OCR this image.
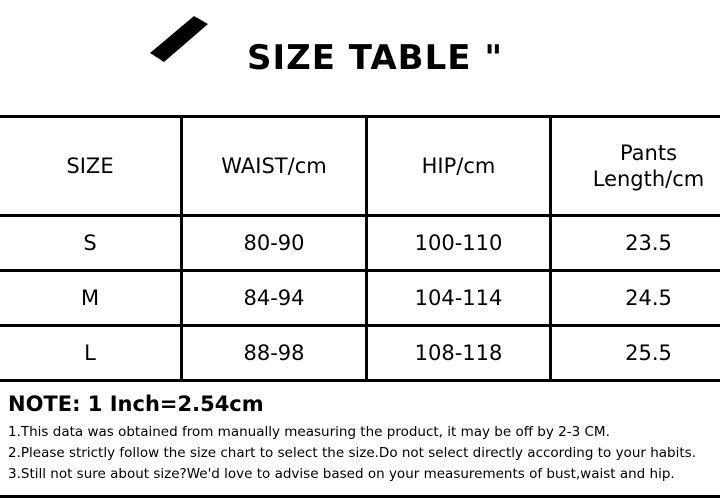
SIZE TABLE "
SIZE	WAIST/cm	HIP/cm	Pants
Length/cm

S	80-90	100-110	23.5
M	84-94	104-114	24.5
L	88-98	108-118	25.5
NOTE: 1 Inch=2.54cm
1.This data was obtained from manually measuring the product, it may be off by 2-3 CM.
2.Please strictly follow the size chart to select the size.Do not select directly according to your habits.
3.Still not sure about size?We'd love to advise based on your measurements of bust,waist and hip.
